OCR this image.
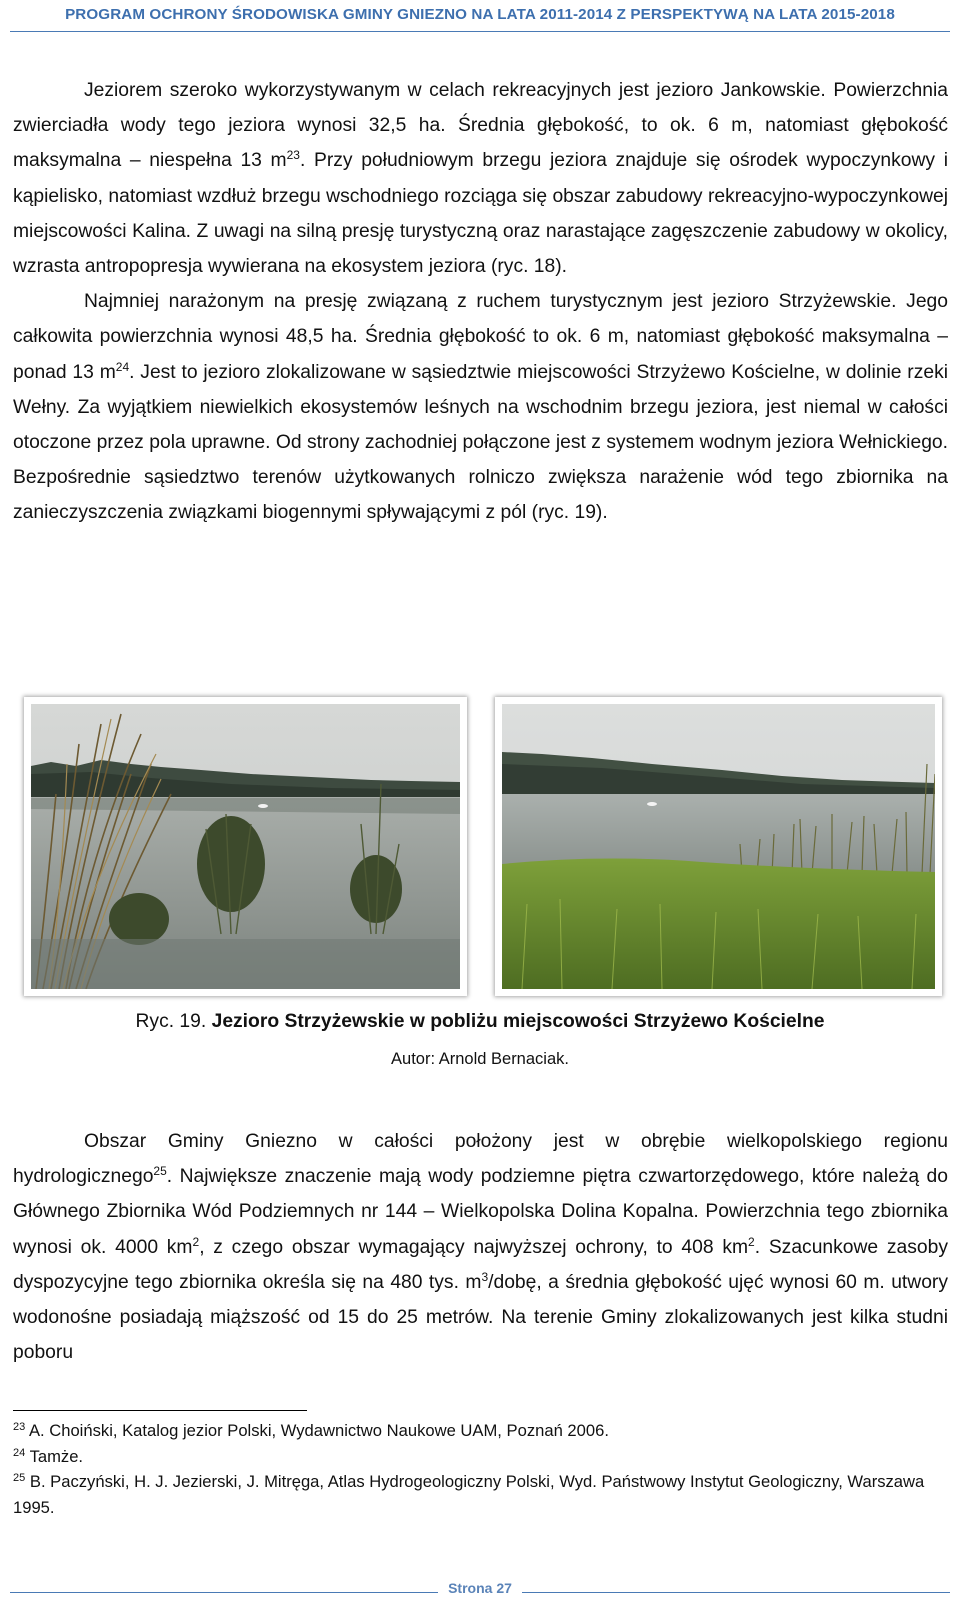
PROGRAM OCHRONY ŚRODOWISKA GMINY GNIEZNO NA LATA 2011-2014 Z PERSPEKTYWĄ NA LATA 2015-2018

Jeziorem szeroko wykorzystywanym w celach rekreacyjnych jest jezioro Jankowskie. Powierzchnia zwierciadła wody tego jeziora wynosi 32,5 ha. Średnia głębokość, to ok. 6 m, natomiast głębokość maksymalna – niespełna 13 $m^{23}$. Przy południowym brzegu jeziora znajduje się ośrodek wypoczynkowy i kąpielisko, natomiast wzdłuż brzegu wschodniego rozciąga się obszar zabudowy rekreacyjno-wypoczynkowej miejscowości Kalina. Z uwagi na silną presję turystyczną oraz narastające zagęszczenie zabudowy w okolicy, wzrasta antropopresja wywierana na ekosystem jeziora (ryc. 18).

Najmniej narażonym na presję związaną z ruchem turystycznym jest jezioro Strzyżewskie. Jego całkowita powierzchnia wynosi 48,5 ha. Średnia głębokość to ok. 6 m, natomiast głębokość maksymalna – ponad 13 $m^{24}$. Jest to jezioro zlokalizowane w sąsiedztwie miejscowości Strzyżewo Kościelne, w dolinie rzeki Wełny. Za wyjątkiem niewielkich ekosystemów leśnych na wschodnim brzegu jeziora, jest niemal w całości otoczone przez pola uprawne. Od strony zachodniej połączone jest z systemem wodnym jeziora Wełnickiego. Bezpośrednie sąsiedztwo terenów użytkowanych rolniczo zwiększa narażenie wód tego zbiornika na zanieczyszczenia związkami biogennymi spływającymi z pól (ryc. 19).

Ryc. 19. Jezioro Strzyżewskie w pobliżu miejscowości Strzyżewo Kościelne
Autor: Arnold Bernaciak.

Obszar Gminy Gniezno w całości położony jest w obrębie wielkopolskiego regionu hydrologicznego$^{25}$. Największe znaczenie mają wody podziemne piętra czwartorzędowego, które należą do Głównego Zbiornika Wód Podziemnych nr 144 – Wielkopolska Dolina Kopalna. Powierzchnia tego zbiornika wynosi ok. 4000 $km^2$, z czego obszar wymagający najwyższej ochrony, to 408 $km^2$. Szacunkowe zasoby dyspozycyjne tego zbiornika określa się na 480 tys. $m^3$/dobę, a średnia głębokość ujęć wynosi 60 m. utwory wodonośne posiadają miąższość od 15 do 25 metrów. Na terenie Gminy zlokalizowanych jest kilka studni poboru

$^{23}$ A. Choiński, Katalog jezior Polski, Wydawnictwo Naukowe UAM, Poznań 2006.

$^{24}$ Tamże.

$^{25}$ B. Paczyński, H. J. Jezierski, J. Mitręga, Atlas Hydrogeologiczny Polski, Wyd. Państwowy Instytut Geologiczny, Warszawa 1995.

Strona 27
